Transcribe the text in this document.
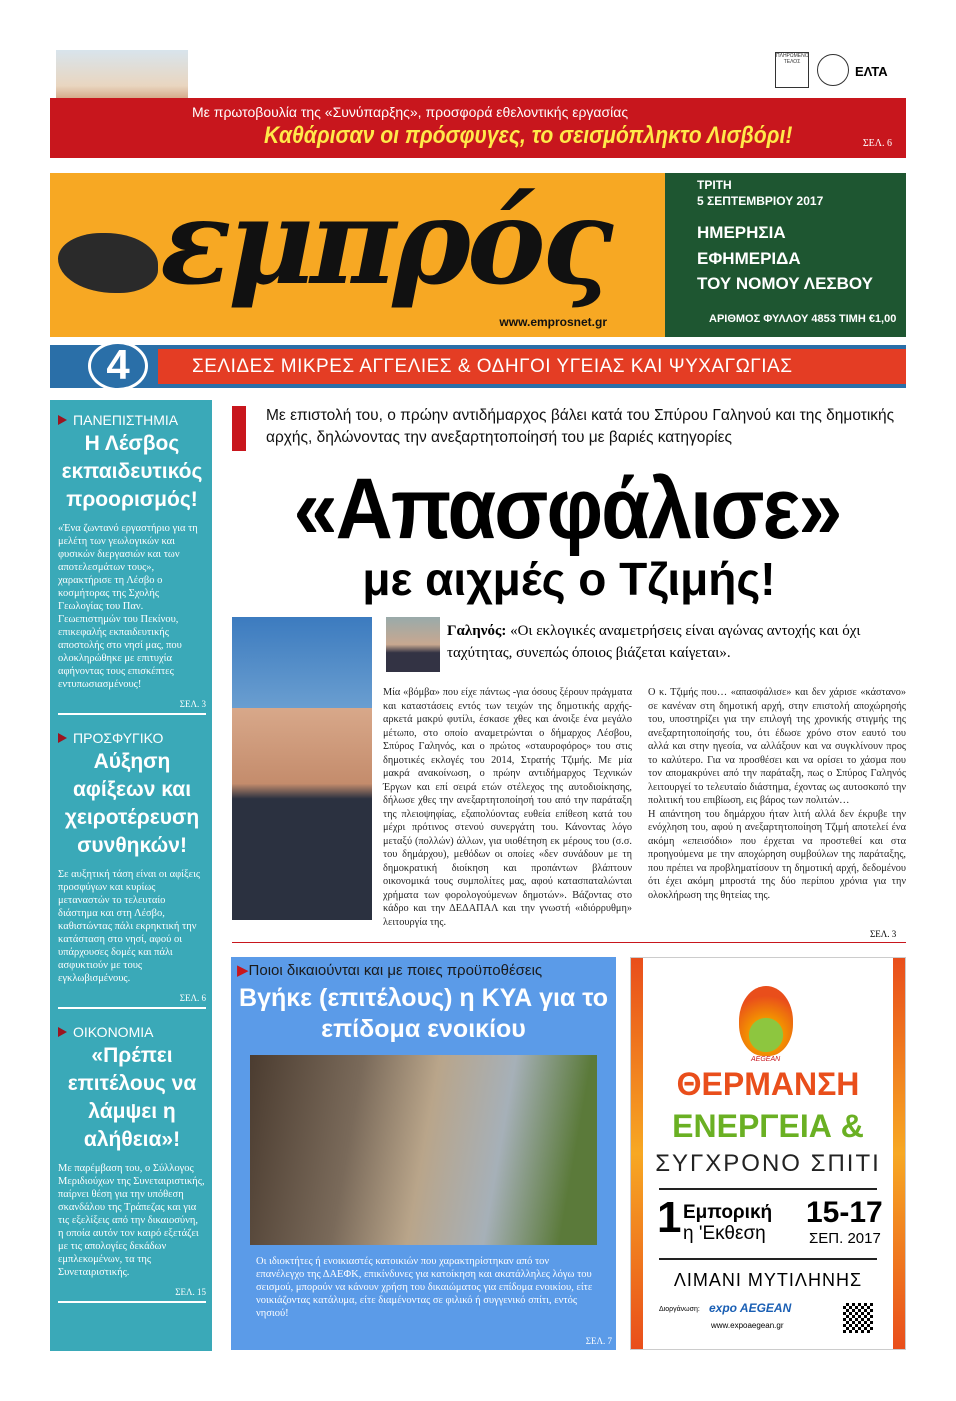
ΠΛΗΡΩΜΕΝΟ ΤΕΛΟΣ
ΕΛΤΑ
Με πρωτοβουλία της «Συνύπαρξης», προσφορά εθελοντικής εργασίας
Καθάρισαν οι πρόσφυγες, το σεισμόπληκτο Λισβόρι!	ΣΕΛ. 6
εμπρός
www.emprosnet.gr
ΤΡΙΤΗ
5 ΣΕΠΤΕΜΒΡΙΟΥ 2017
ΗΜΕΡΗΣΙΑ
ΕΦΗΜΕΡΙΔΑ
ΤΟΥ ΝΟΜΟΥ ΛΕΣΒΟΥ
ΑΡΙΘΜΟΣ ΦΥΛΛΟΥ 4853 ΤΙΜΗ €1,00
ΣΕΛΙΔΕΣ ΜΙΚΡΕΣ ΑΓΓΕΛΙΕΣ & ΟΔΗΓΟΙ ΥΓΕΙΑΣ ΚΑΙ ΨΥΧΑΓΩΓΙΑΣ
4
ΠΑΝΕΠΙΣΤΗΜΙΑ
Η Λέσβος εκπαιδευτικός προορισμός!
«Ένα ζωντανό εργαστήριο για τη μελέτη των γεωλογικών και φυσικών διεργασιών και των αποτελεσμάτων τους», χαρακτήρισε τη Λέσβο ο κοσμήτορας της Σχολής Γεωλογίας του Παν. Γεωεπιστημών του Πεκίνου, επικεφαλής εκπαιδευτικής αποστολής στο νησί μας, που ολοκληρώθηκε με επιτυχία αφήνοντας τους επισκέπτες εντυπωσιασμένους!
ΣΕΛ. 3
ΠΡΟΣΦΥΓΙΚΟ
Αύξηση αφίξεων και χειροτέρευση συνθηκών!
Σε αυξητική τάση είναι οι αφίξεις προσφύγων και κυρίως μεταναστών το τελευταίο διάστημα και στη Λέσβο, καθιστώντας πάλι εκρηκτική την κατάσταση στο νησί, αφού οι υπάρχουσες δομές και πάλι ασφυκτιούν με τους εγκλωβισμένους.
ΣΕΛ. 6
ΟΙΚΟΝΟΜΙΑ
«Πρέπει επιτέλους να λάμψει η αλήθεια»!
Με παρέμβαση του, ο Σύλλογος Μεριδιούχων της Συνεταιριστικής, παίρνει θέση για την υπόθεση σκανδάλου της Τράπεζας και για τις εξελίξεις από την δικαιοσύνη, η οποία αυτόν τον καιρό εξετάζει με τις απολογίες δεκάδων εμπλεκομένων, τα της Συνεταιριστικής.
ΣΕΛ. 15
Με επιστολή του, ο πρώην αντιδήμαρχος βάλει κατά του Σπύρου Γαληνού και της δημοτικής αρχής, δηλώνοντας την ανεξαρτητοποίησή του με βαριές κατηγορίες
«Απασφάλισε»
με αιχμές ο Τζιμής!
Γαληνός: «Οι εκλογικές αναμετρήσεις είναι αγώνας αντοχής και όχι ταχύτητας, συνεπώς όποιος βιάζεται καίγεται».
Μία «βόμβα» που είχε πάντως -για όσους ξέρουν πράγματα και καταστάσεις εντός των τειχών της δημοτικής αρχής- αρκετά μακρύ φυτίλι, έσκασε χθες και άνοιξε ένα μεγάλο μέτωπο, στο οποίο αναμετρώνται ο δήμαρχος Λέσβου, Σπύρος Γαληνός, και ο πρώτος «σταυροφόρος» του στις δημοτικές εκλογές του 2014, Στρατής Τζιμής. Με μία μακρά ανακοίνωση, ο πρώην αντιδήμαρχος Τεχνικών Έργων και επί σειρά ετών στέλεχος της αυτοδιοίκησης, δήλωσε χθες την ανεξαρτητοποίησή του από την παράταξη της πλειοψηφίας, εξαπολύοντας ευθεία επίθεση κατά του μέχρι πρότινος στενού συνεργάτη του. Κάνοντας λόγο μεταξύ (πολλών) άλλων, για υιοθέτηση εκ μέρους του (σ.σ. του δημάρχου), μεθόδων οι οποίες «δεν συνάδουν με τη δημοκρατική διοίκηση και προπάντων βλάπτουν οικονομικά τους συμπολίτες μας, αφού κατασπαταλώνται χρήματα των φορολογούμενων δημοτών». Βάζοντας στο κάδρο και την ΔΕΔΑΠΑΛ και την γνωστή «ιδιόρρυθμη» λειτουργία της.

Ο κ. Τζιμής που… «απασφάλισε» και δεν χάρισε «κάστανο» σε κανέναν στη δημοτική αρχή, στην επιστολή αποχώρησής του, υποστηρίζει για την επιλογή της χρονικής στιγμής της ανεξαρτητοποίησής του, ότι έδωσε χρόνο στον εαυτό του αλλά και στην ηγεσία, να αλλάξουν και να συγκλίνουν προς το καλύτερο. Για να προσθέσει και να ορίσει το χάσμα που τον απομακρύνει από την παράταξη, πως ο Σπύρος Γαληνός λειτουργεί το τελευταίο διάστημα, έχοντας ως αυτοσκοπό την πολιτική του επιβίωση, εις βάρος των πολιτών…

Η απάντηση του δημάρχου ήταν λιτή αλλά δεν έκρυβε την ενόχληση του, αφού η ανεξαρτητοποίηση Τζιμή αποτελεί ένα ακόμη «επεισόδιο» που έρχεται να προστεθεί και στα προηγούμενα με την αποχώρηση συμβούλων της παράταξης, που πρέπει να προβληματίσουν τη δημοτική αρχή, δεδομένου ότι έχει ακόμη μπροστά της δύο περίπου χρόνια για την ολοκλήρωση της θητείας της.

ΣΕΛ. 3
▶Ποιοι δικαιούνται και με ποιες προϋποθέσεις
Βγήκε (επιτέλους) η ΚΥΑ για το επίδομα ενοικίου
Οι ιδιοκτήτες ή ενοικιαστές κατοικιών που χαρακτηρίστηκαν από τον επανέλεγχο της ΔΑΕΦΚ, επικίνδυνες για κατοίκηση και ακατάλληλες λόγω του σεισμού, μπορούν να κάνουν χρήση του δικαιώματος για επίδομα ενοικίου, είτε νοικιάζοντας κατάλυμα, είτε διαμένοντας σε φιλικό ή συγγενικό σπίτι, εντός νησιού!
ΣΕΛ. 7
AEGEAN
ΘΕΡΜΑΝΣΗ
ΕΝΕΡΓΕΙΑ &
ΣΥΓΧΡΟΝΟ ΣΠΙΤΙ
1 Εμπορική
η 'Εκθεση
15-17
ΣΕΠ. 2017
ΛΙΜΑΝΙ ΜΥΤΙΛΗΝΗΣ
Διοργάνωση: expo AEGEAN
www.expoaegean.gr
